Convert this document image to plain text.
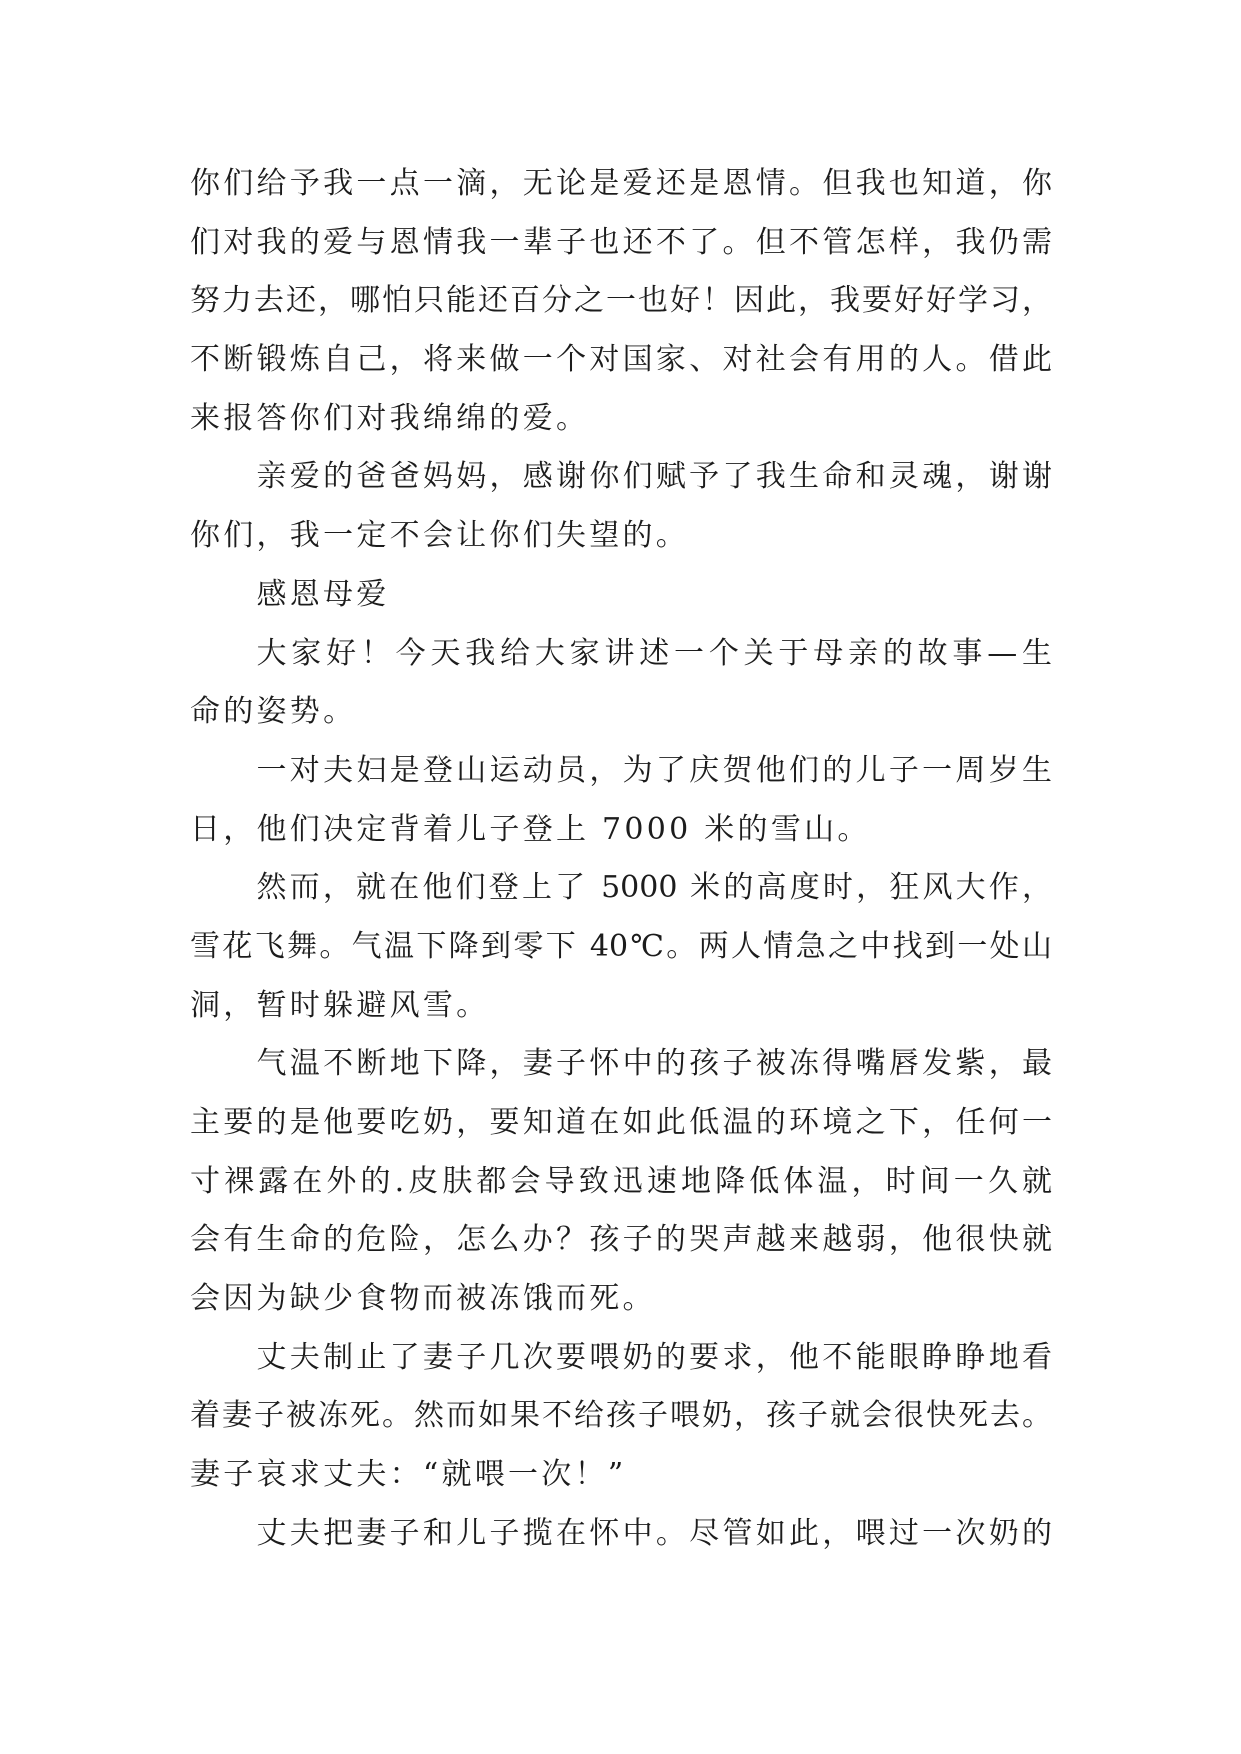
你们给予我一点一滴，无论是爱还是恩情。但我也知道，你
们对我的爱与恩情我一辈子也还不了。但不管怎样，我仍需
努力去还，哪怕只能还百分之一也好！因此，我要好好学习，
不断锻炼自己，将来做一个对国家、对社会有用的人。借此
来报答你们对我绵绵的爱。
亲爱的爸爸妈妈，感谢你们赋予了我生命和灵魂，谢谢
你们，我一定不会让你们失望的。
感恩母爱
大家好！今天我给大家讲述一个关于母亲的故事—生
命的姿势。
一对夫妇是登山运动员，为了庆贺他们的儿子一周岁生
日，他们决定背着儿子登上 7000 米的雪山。
然而，就在他们登上了 5000 米的高度时，狂风大作，
雪花飞舞。气温下降到零下 40℃。两人情急之中找到一处山
洞，暂时躲避风雪。
气温不断地下降，妻子怀中的孩子被冻得嘴唇发紫，最
主要的是他要吃奶，要知道在如此低温的环境之下，任何一
寸裸露在外的.皮肤都会导致迅速地降低体温，时间一久就
会有生命的危险，怎么办？孩子的哭声越来越弱，他很快就
会因为缺少食物而被冻饿而死。
丈夫制止了妻子几次要喂奶的要求，他不能眼睁睁地看
着妻子被冻死。然而如果不给孩子喂奶，孩子就会很快死去。
妻子哀求丈夫：“就喂一次！”
丈夫把妻子和儿子揽在怀中。尽管如此，喂过一次奶的
